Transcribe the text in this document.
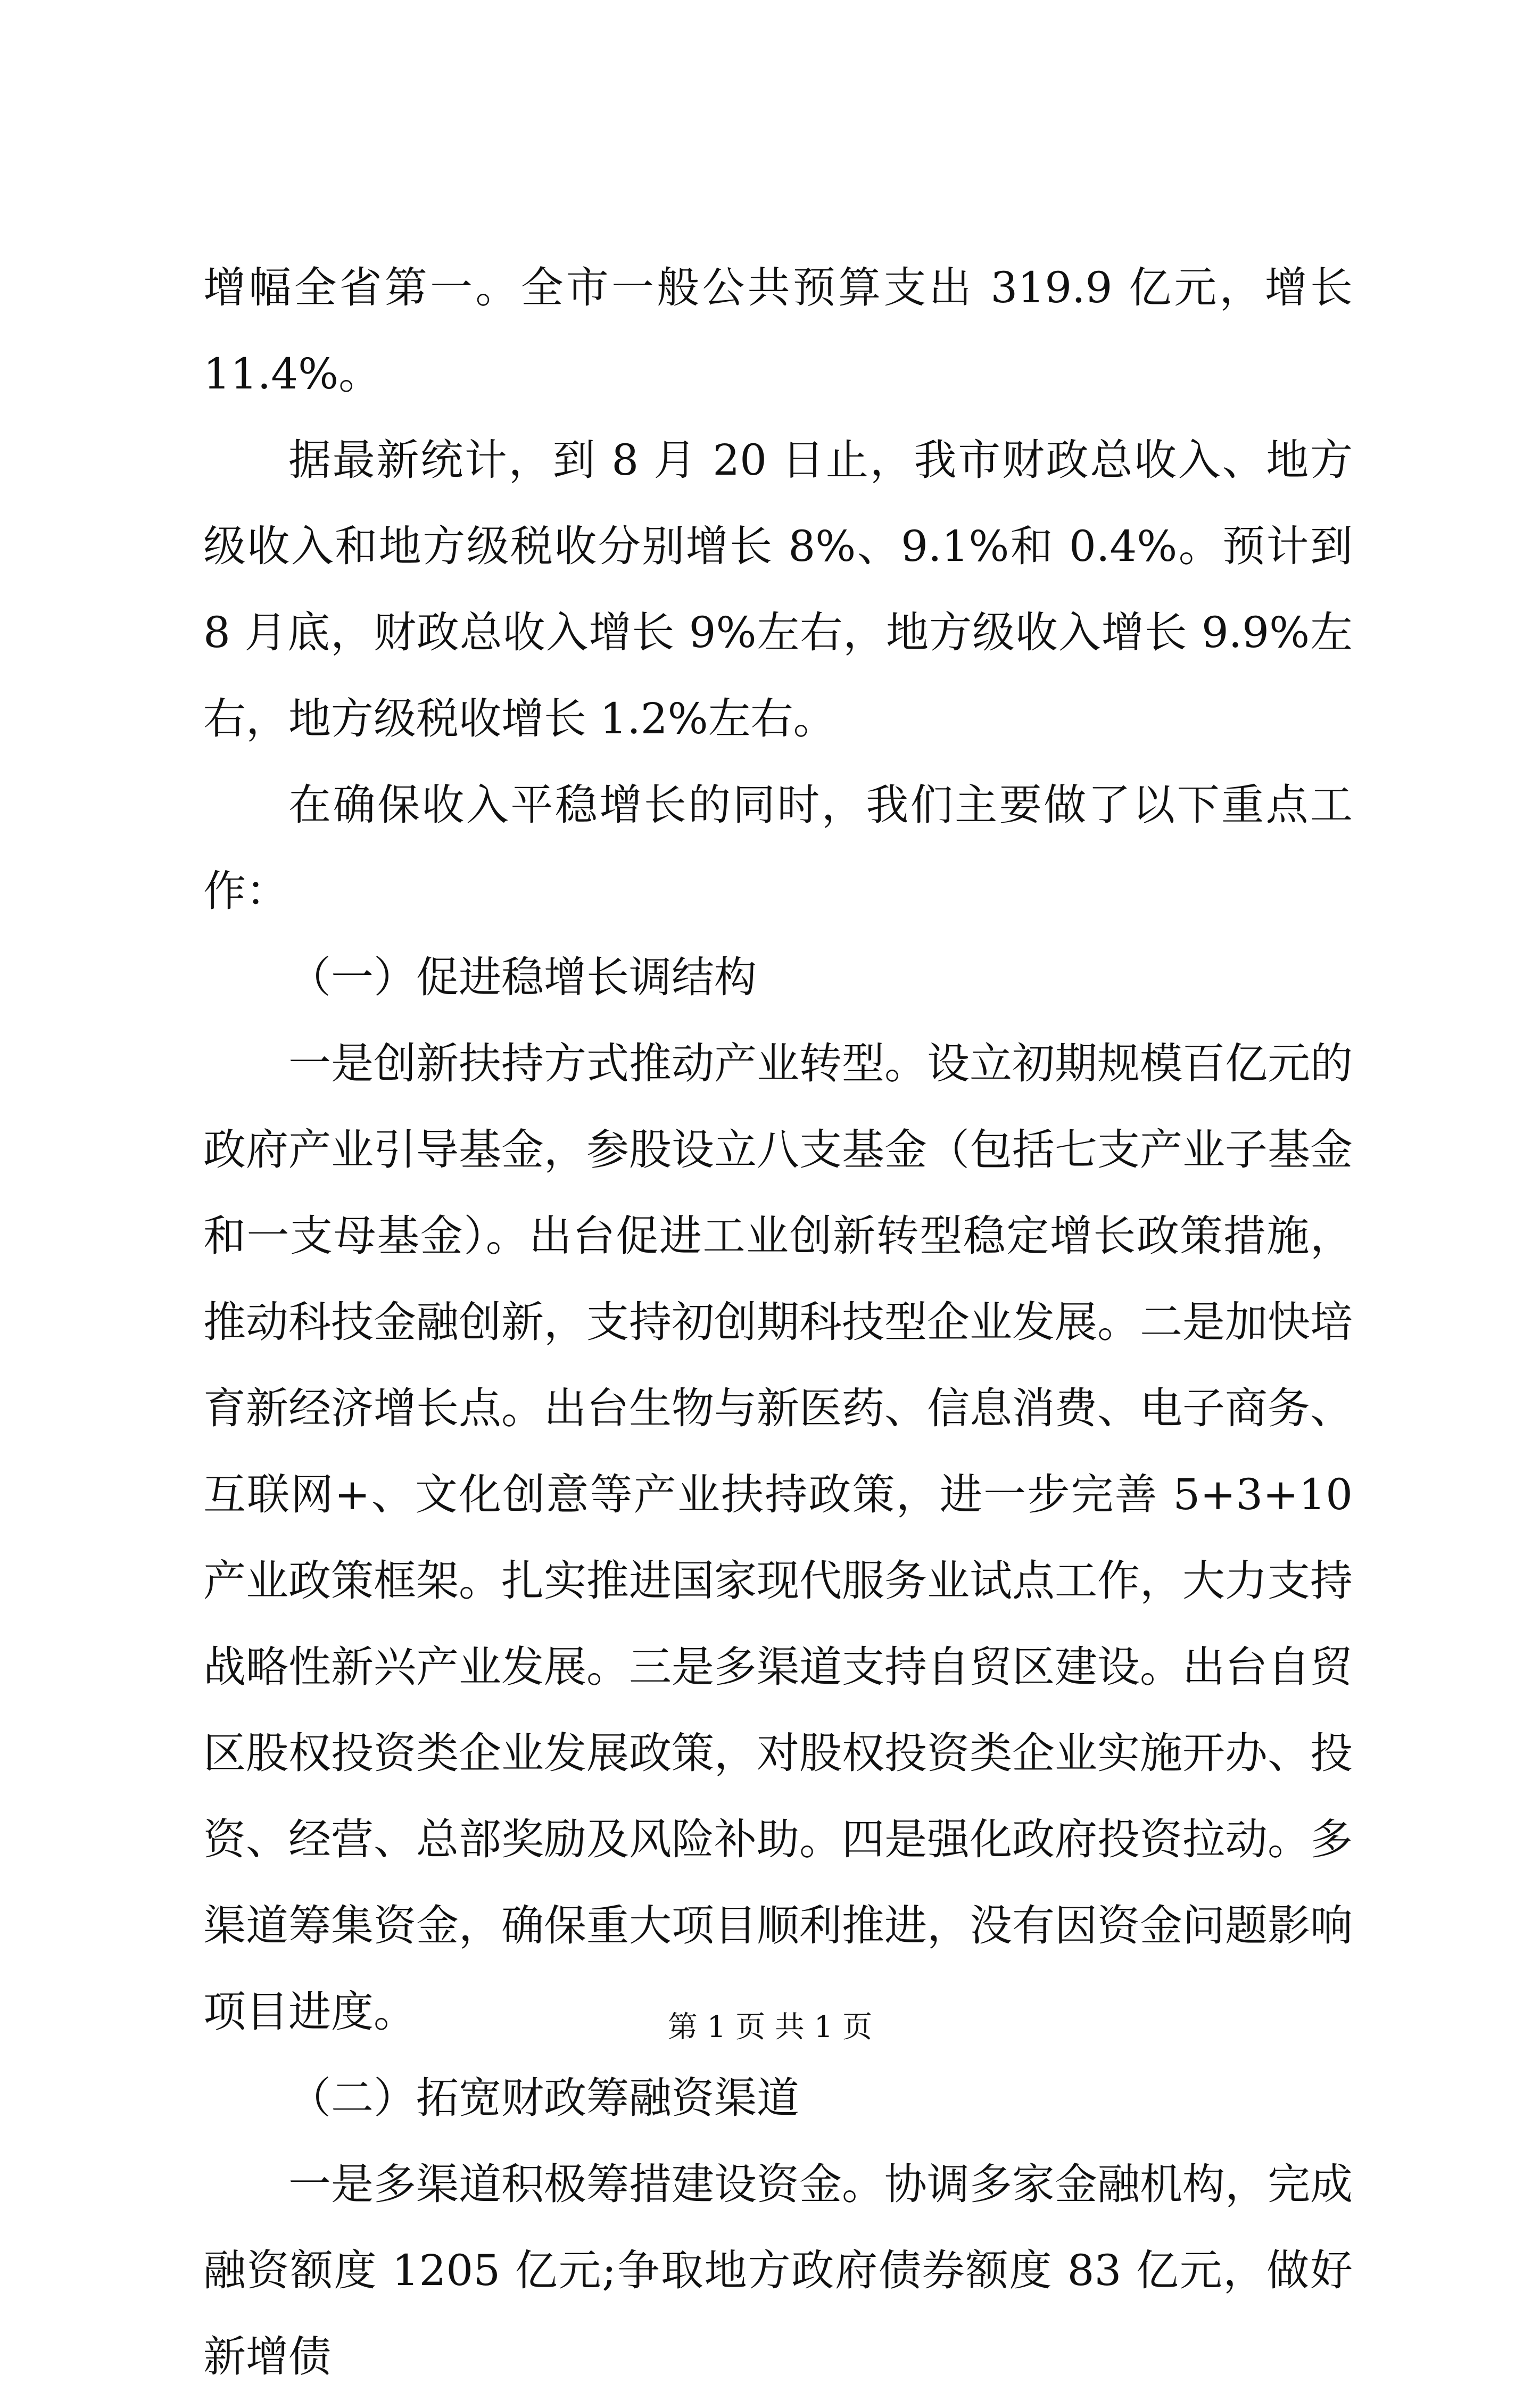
增幅全省第一。全市一般公共预算支出 319.9 亿元，增长 11.4%。

据最新统计，到 8 月 20 日止，我市财政总收入、地方级收入和地方级税收分别增长 8%、9.1%和 0.4%。预计到 8 月底，财政总收入增长 9%左右，地方级收入增长 9.9%左右，地方级税收增长 1.2%左右。

在确保收入平稳增长的同时，我们主要做了以下重点工作：

（一）促进稳增长调结构

一是创新扶持方式推动产业转型。设立初期规模百亿元的政府产业引导基金，参股设立八支基金（包括七支产业子基金和一支母基金）。出台促进工业创新转型稳定增长政策措施，推动科技金融创新，支持初创期科技型企业发展。二是加快培育新经济增长点。出台生物与新医药、信息消费、电子商务、互联网+、文化创意等产业扶持政策，进一步完善 5+3+10 产业政策框架。扎实推进国家现代服务业试点工作，大力支持战略性新兴产业发展。三是多渠道支持自贸区建设。出台自贸区股权投资类企业发展政策，对股权投资类企业实施开办、投资、经营、总部奖励及风险补助。四是强化政府投资拉动。多渠道筹集资金，确保重大项目顺利推进，没有因资金问题影响项目进度。

（二）拓宽财政筹融资渠道

一是多渠道积极筹措建设资金。协调多家金融机构，完成融资额度 1205 亿元;争取地方政府债券额度 83 亿元，做好新增债

第 1 页 共 1 页
